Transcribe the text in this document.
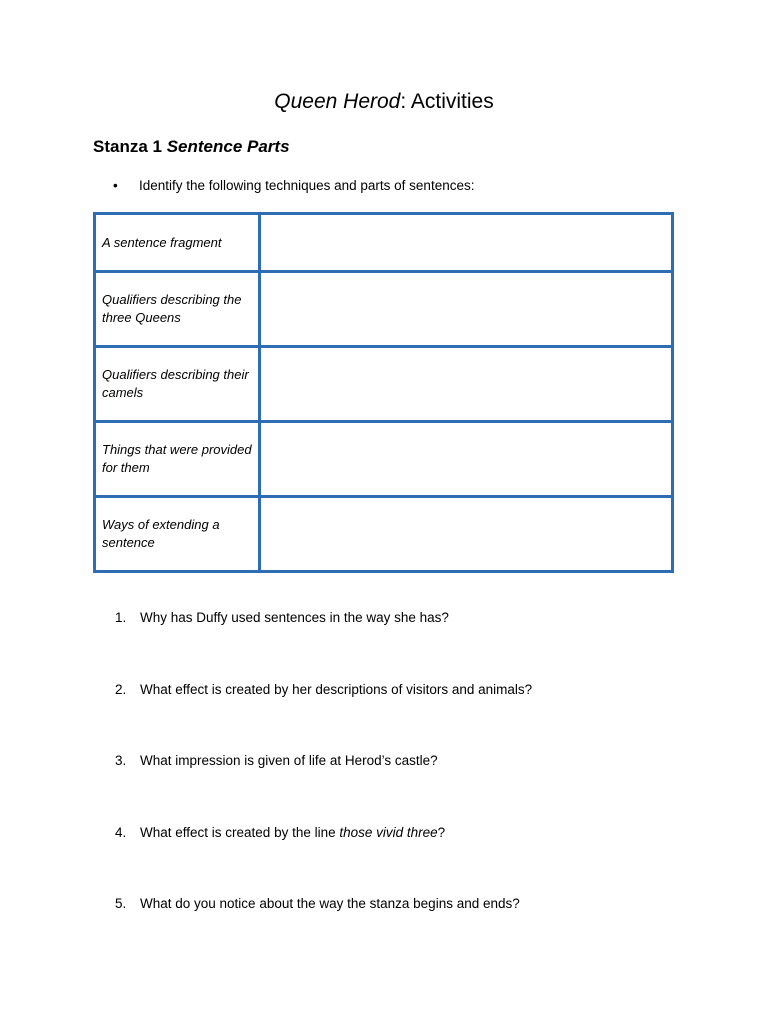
Queen Herod: Activities
Stanza 1 Sentence Parts
• Identify the following techniques and parts of sentences:
A sentence fragment	
Qualifiers describing the three Queens	
Qualifiers describing their camels	
Things that were provided for them	
Ways of extending a sentence	
1. Why has Duffy used sentences in the way she has?
2. What effect is created by her descriptions of visitors and animals?
3. What impression is given of life at Herod’s castle?
4. What effect is created by the line those vivid three?
5. What do you notice about the way the stanza begins and ends?
